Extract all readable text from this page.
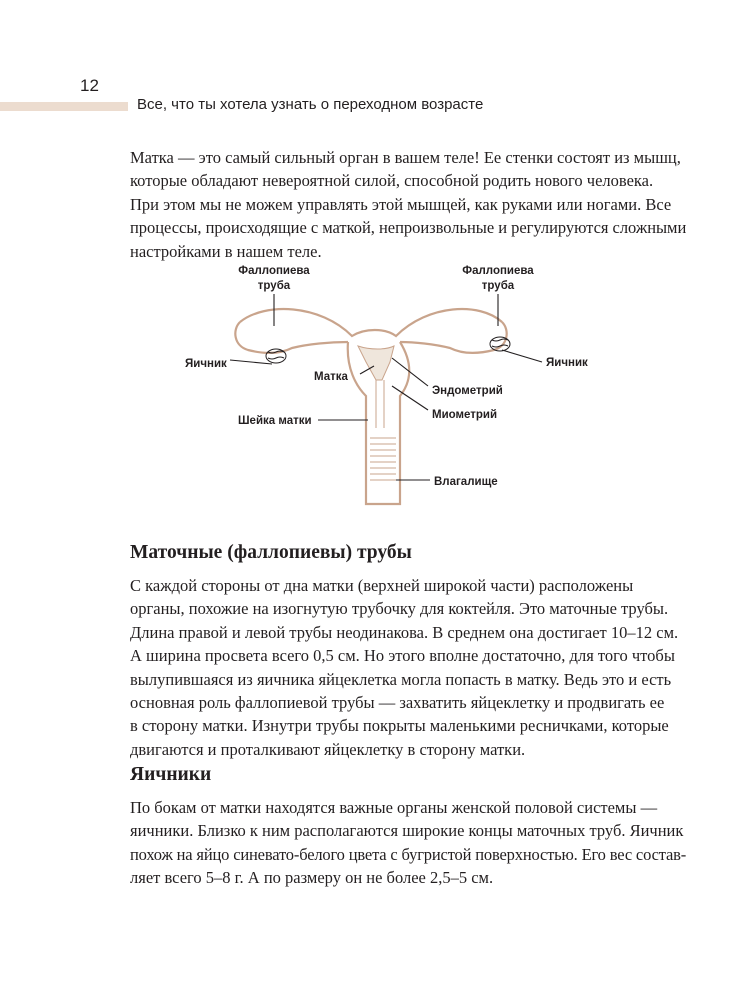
12
Все, что ты хотела узнать о переходном возрасте
Матка — это самый сильный орган в вашем теле! Ее стенки состоят из мышц,
которые обладают невероятной силой, способной родить нового человека.
При этом мы не можем управлять этой мышцей, как руками или ногами. Все
процессы, происходящие с маткой, непроизвольные и регулируются сложными
настройками в нашем теле.
Фаллопиева
труба
Фаллопиева
труба
Яичник	Яичник
Матка
Эндометрий
Миометрий
Шейка матки
Влагалище
Маточные (фаллопиевы) трубы
С каждой стороны от дна матки (верхней широкой части) расположены
органы, похожие на изогнутую трубочку для коктейля. Это маточные трубы.
Длина правой и левой трубы неодинакова. В среднем она достигает 10–12 см.
А ширина просвета всего 0,5 см. Но этого вполне достаточно, для того чтобы
вылупившаяся из яичника яйцеклетка могла попасть в матку. Ведь это и есть
основная роль фаллопиевой трубы — захватить яйцеклетку и продвигать ее
в сторону матки. Изнутри трубы покрыты маленькими ресничками, которые
двигаются и проталкивают яйцеклетку в сторону матки.
Яичники
По бокам от матки находятся важные органы женской половой системы —
яичники. Близко к ним располагаются широкие концы маточных труб. Яичник
похож на яйцо синевато-белого цвета с бугристой поверхностью. Его вес состав-
ляет всего 5–8 г. А по размеру он не более 2,5–5 см.
